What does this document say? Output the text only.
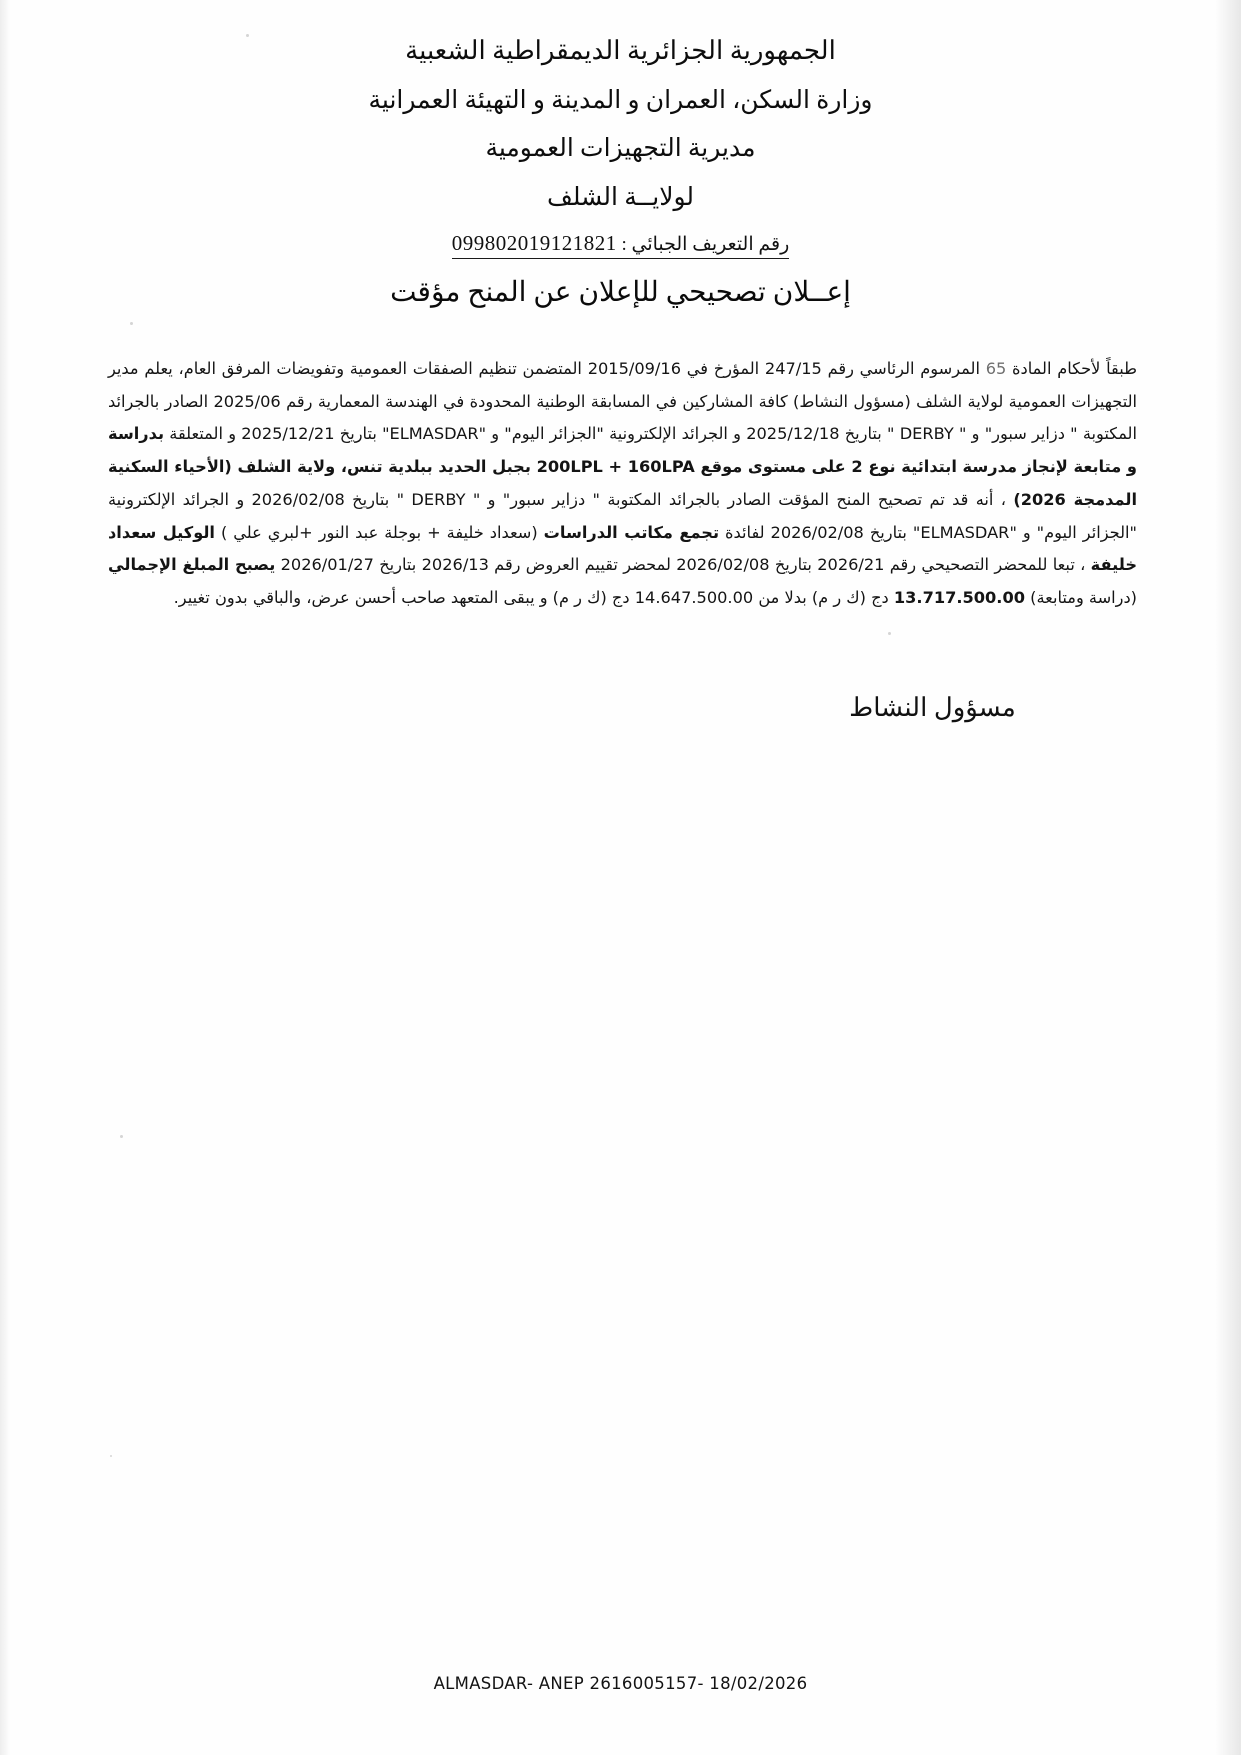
الجمهورية الجزائرية الديمقراطية الشعبية
وزارة السكن، العمران و المدينة و التهيئة العمرانية
مديرية التجهيزات العمومية
لولايــة الشلف
رقم التعريف الجبائي : 099802019121821
إعــلان تصحيحي للإعلان عن المنح مؤقت

طبقاً لأحكام المادة 65 المرسوم الرئاسي رقم 247/15 المؤرخ في 2015/09/16 المتضمن تنظيم الصفقات العمومية وتفويضات المرفق العام، يعلم مدير التجهيزات العمومية لولاية الشلف (مسؤول النشاط) كافة المشاركين في المسابقة الوطنية المحدودة في الهندسة المعمارية رقم 2025/06 الصادر بالجرائد المكتوبة " دزاير سبور" و " DERBY " بتاريخ 2025/12/18 و الجرائد الإلكترونية "الجزائر اليوم" و "ELMASDAR" بتاريخ 2025/12/21 و المتعلقة بدراسة و متابعة لإنجاز مدرسة ابتدائية نوع 2 على مستوى موقع 200LPL + 160LPA بجبل الحديد ببلدية تنس، ولاية الشلف (الأحياء السكنية المدمجة 2026) ، أنه قد تم تصحيح المنح المؤقت الصادر بالجرائد المكتوبة " دزاير سبور" و " DERBY " بتاريخ 2026/02/08 و الجرائد الإلكترونية "الجزائر اليوم" و "ELMASDAR" بتاريخ 2026/02/08 لفائدة تجمع مكاتب الدراسات (سعداد خليفة + بوجلة عبد النور +لبري علي ) الوكيل سعداد خليفة ، تبعا للمحضر التصحيحي رقم 2026/21 بتاريخ 2026/02/08 لمحضر تقييم العروض رقم 2026/13 بتاريخ 2026/01/27 يصبح المبلغ الإجمالي (دراسة ومتابعة) 13.717.500.00 دج (ك ر م) بدلا من 14.647.500.00 دج (ك ر م) و يبقى المتعهد صاحب أحسن عرض، والباقي بدون تغيير.

مسؤول النشاط
ALMASDAR- ANEP 2616005157- 18/02/2026
